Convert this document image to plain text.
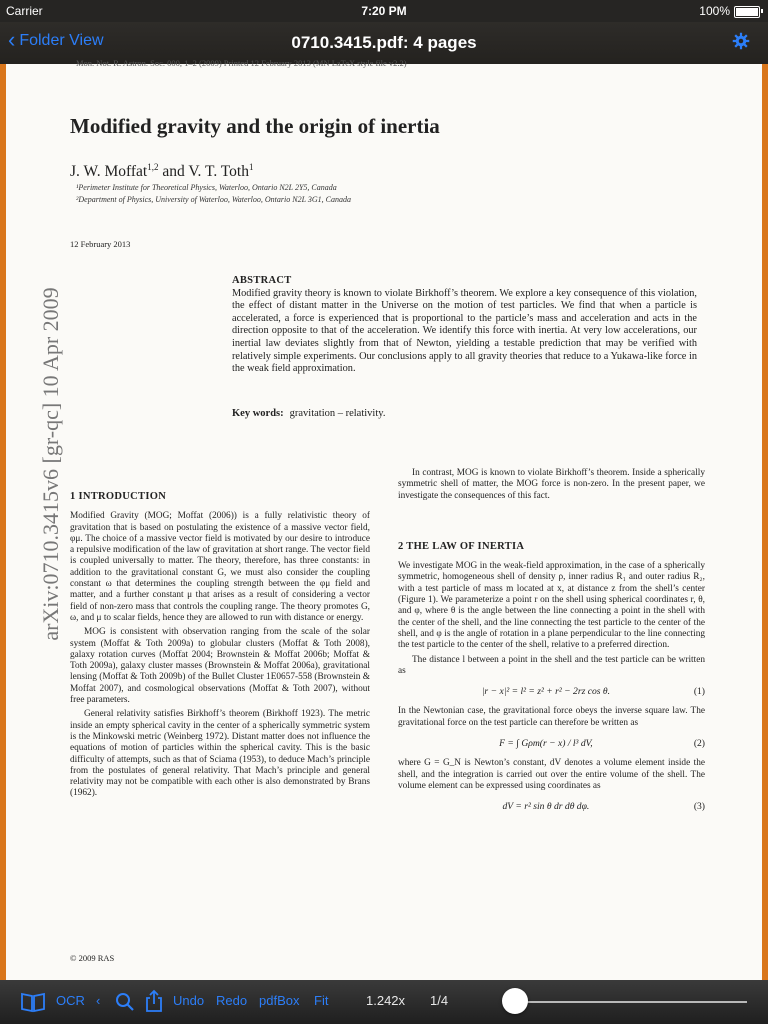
Carrier	7:20 PM	100%
‹ Folder View	0710.3415.pdf: 4 pages
Mon. Not. R. Astron. Soc. 000, 1–2 (2009) Printed 12 February 2013 (MN LaTeX style file v2.2)
Modified gravity and the origin of inertia
J. W. Moffat$^{1,2}$ and V. T. Toth$^1$
¹Perimeter Institute for Theoretical Physics, Waterloo, Ontario N2L 2Y5, Canada
²Department of Physics, University of Waterloo, Waterloo, Ontario N2L 3G1, Canada
12 February 2013
arXiv:0710.3415v6 [gr-qc] 10 Apr 2009
ABSTRACT

Modified gravity theory is known to violate Birkhoff’s theorem. We explore a key consequence of this violation, the effect of distant matter in the Universe on the motion of test particles. We find that when a particle is accelerated, a force is experienced that is proportional to the particle’s mass and acceleration and acts in the direction opposite to that of the acceleration. We identify this force with inertia. At very low accelerations, our inertial law deviates slightly from that of Newton, yielding a testable prediction that may be verified with relatively simple experiments. Our conclusions apply to all gravity theories that reduce to a Yukawa-like force in the weak field approximation.

Key words: gravitation – relativity.
1 INTRODUCTION

Modified Gravity (MOG; Moffat (2006)) is a fully relativistic theory of gravitation that is based on postulating the existence of a massive vector field, φμ. The choice of a massive vector field is motivated by our desire to introduce a repulsive modification of the law of gravitation at short range. The vector field is coupled universally to matter. The theory, therefore, has three constants: in addition to the gravitational constant G, we must also consider the coupling constant ω that determines the coupling strength between the φμ field and matter, and a further constant μ that arises as a result of considering a vector field of non-zero mass that controls the coupling range. The theory promotes G, ω, and μ to scalar fields, hence they are allowed to run with distance or energy.

MOG is consistent with observation ranging from the scale of the solar system (Moffat & Toth 2009a) to globular clusters (Moffat & Toth 2008), galaxy rotation curves (Moffat 2004; Brownstein & Moffat 2006b; Moffat & Toth 2009a), galaxy cluster masses (Brownstein & Moffat 2006a), gravitational lensing (Moffat & Toth 2009b) of the Bullet Cluster 1E0657-558 (Brownstein & Moffat 2007), and cosmological observations (Moffat & Toth 2007), without free parameters.

General relativity satisfies Birkhoff’s theorem (Birkhoff 1923). The metric inside an empty spherical cavity in the center of a spherically symmetric system is the Minkowski metric (Weinberg 1972). Distant matter does not influence the equations of motion of particles within the spherical cavity. This is the basic difficulty of attempts, such as that of Sciama (1953), to deduce Mach’s principle from the postulates of general relativity. That Mach’s principle and general relativity may not be compatible with each other is also demonstrated by Brans (1962).

In contrast, MOG is known to violate Birkhoff’s theorem. Inside a spherically symmetric shell of matter, the MOG force is non-zero. In the present paper, we investigate the consequences of this fact.

2 THE LAW OF INERTIA

We investigate MOG in the weak-field approximation, in the case of a spherically symmetric, homogeneous shell of density ρ, inner radius R₁ and outer radius R₂, with a test particle of mass m located at x, at distance z from the shell’s center (Figure 1). We parameterize a point r on the shell using spherical coordinates r, θ, and φ, where θ is the angle between the line connecting a point in the shell with the center of the shell, and the line connecting the test particle to the center of the shell, and φ is the angle of rotation in a plane perpendicular to the line connecting the test particle to the center of the shell, relative to a preferred direction.

The distance l between a point in the shell and the test particle can be written as

|r − x|² = l² = z² + r² − 2rz cos θ.	(1)

In the Newtonian case, the gravitational force obeys the inverse square law. The gravitational force on the test particle can therefore be written as

F = ∫ Gρm(r − x) / l³ dV,	(2)

where G = G_N is Newton’s constant, dV denotes a volume element inside the shell, and the integration is carried out over the entire volume of the shell. The volume element can be expressed using coordinates as

dV = r² sin θ dr dθ dφ.	(3)
© 2009 RAS
OCR ‹	Undo Redo pdfBox Fit	1.242x 1/4
